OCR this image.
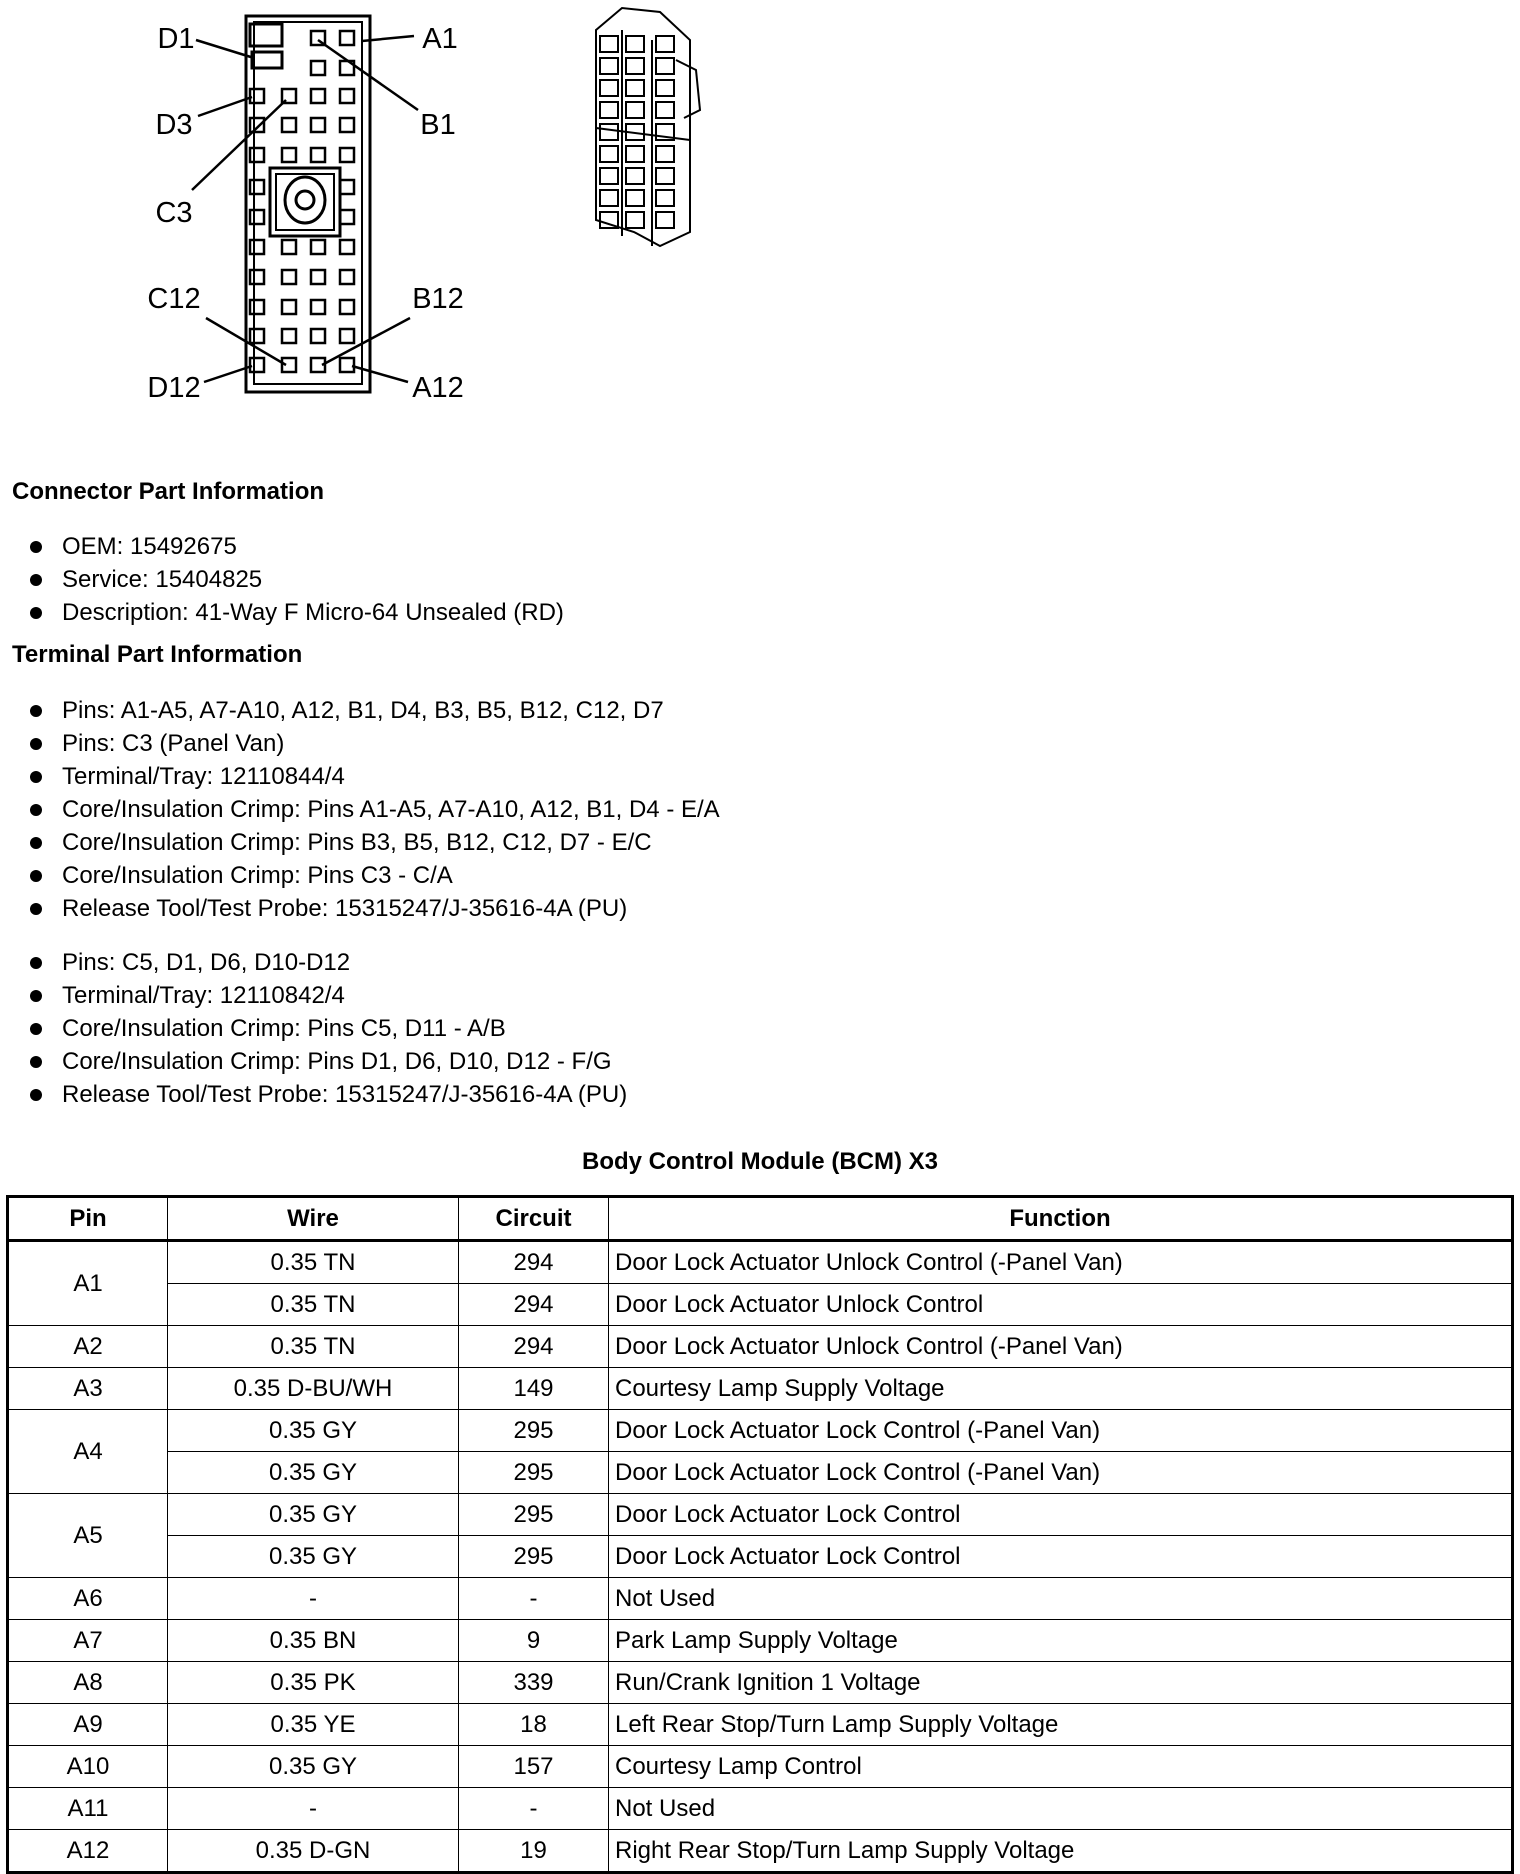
D1	A1
D3	B1
C3
C12	B12
D12	A12
Connector Part Information
OEM: 15492675
Service: 15404825
Description: 41-Way F Micro-64 Unsealed (RD)
Terminal Part Information
Pins: A1-A5, A7-A10, A12, B1, D4, B3, B5, B12, C12, D7
Pins: C3 (Panel Van)
Terminal/Tray: 12110844/4
Core/Insulation Crimp: Pins A1-A5, A7-A10, A12, B1, D4 - E/A
Core/Insulation Crimp: Pins B3, B5, B12, C12, D7 - E/C
Core/Insulation Crimp: Pins C3 - C/A
Release Tool/Test Probe: 15315247/J-35616-4A (PU)
Pins: C5, D1, D6, D10-D12
Terminal/Tray: 12110842/4
Core/Insulation Crimp: Pins C5, D11 - A/B
Core/Insulation Crimp: Pins D1, D6, D10, D12 - F/G
Release Tool/Test Probe: 15315247/J-35616-4A (PU)
Body Control Module (BCM) X3
Pin	Wire	Circuit	Function
A1	0.35 TN	294	Door Lock Actuator Unlock Control (-Panel Van)
	0.35 TN	294	Door Lock Actuator Unlock Control
A2	0.35 TN	294	Door Lock Actuator Unlock Control (-Panel Van)
A3	0.35 D-BU/WH	149	Courtesy Lamp Supply Voltage
A4	0.35 GY	295	Door Lock Actuator Lock Control (-Panel Van)
	0.35 GY	295	Door Lock Actuator Lock Control (-Panel Van)
A5	0.35 GY	295	Door Lock Actuator Lock Control
	0.35 GY	295	Door Lock Actuator Lock Control
A6	-	-	Not Used
A7	0.35 BN	9	Park Lamp Supply Voltage
A8	0.35 PK	339	Run/Crank Ignition 1 Voltage
A9	0.35 YE	18	Left Rear Stop/Turn Lamp Supply Voltage
A10	0.35 GY	157	Courtesy Lamp Control
A11	-	-	Not Used
A12	0.35 D-GN	19	Right Rear Stop/Turn Lamp Supply Voltage
